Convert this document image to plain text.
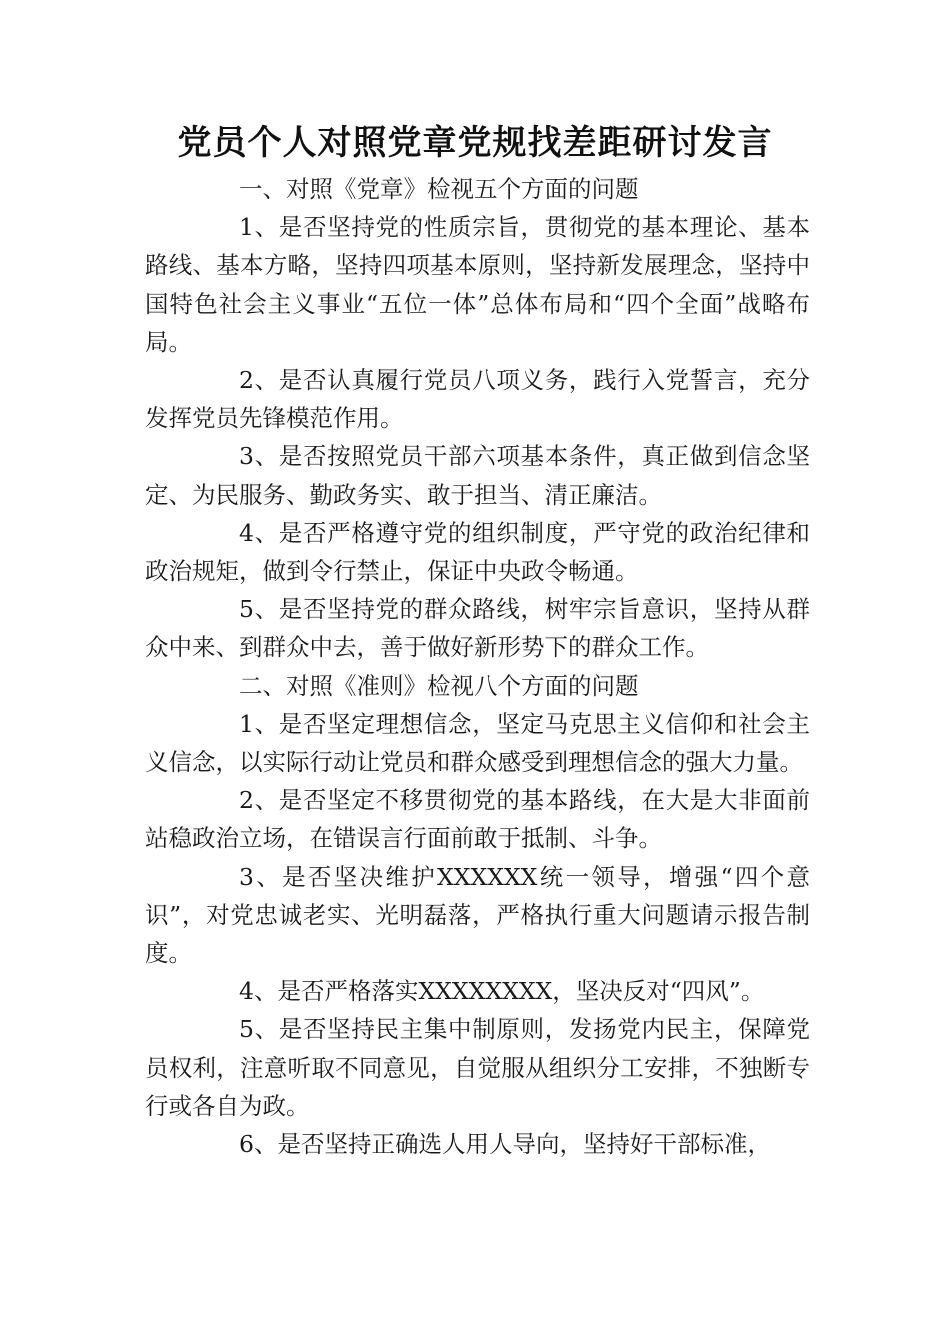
党员个人对照党章党规找差距研讨发言

一、对照《党章》检视五个方面的问题

1、是否坚持党的性质宗旨，贯彻党的基本理论、基本路线、基本方略，坚持四项基本原则，坚持新发展理念，坚持中国特色社会主义事业“五位一体”总体布局和“四个全面”战略布局。

2、是否认真履行党员八项义务，践行入党誓言，充分发挥党员先锋模范作用。

3、是否按照党员干部六项基本条件，真正做到信念坚定、为民服务、勤政务实、敢于担当、清正廉洁。

4、是否严格遵守党的组织制度，严守党的政治纪律和政治规矩，做到令行禁止，保证中央政令畅通。

5、是否坚持党的群众路线，树牢宗旨意识，坚持从群众中来、到群众中去，善于做好新形势下的群众工作。

二、对照《准则》检视八个方面的问题

1、是否坚定理想信念，坚定马克思主义信仰和社会主义信念，以实际行动让党员和群众感受到理想信念的强大力量。

2、是否坚定不移贯彻党的基本路线，在大是大非面前站稳政治立场，在错误言行面前敢于抵制、斗争。

3、是否坚决维护XXXXXX统一领导，增强“四个意识”，对党忠诚老实、光明磊落，严格执行重大问题请示报告制度。

4、是否严格落实XXXXXXXX，坚决反对“四风”。

5、是否坚持民主集中制原则，发扬党内民主，保障党员权利，注意听取不同意见，自觉服从组织分工安排，不独断专行或各自为政。

6、是否坚持正确选人用人导向，坚持好干部标准，
